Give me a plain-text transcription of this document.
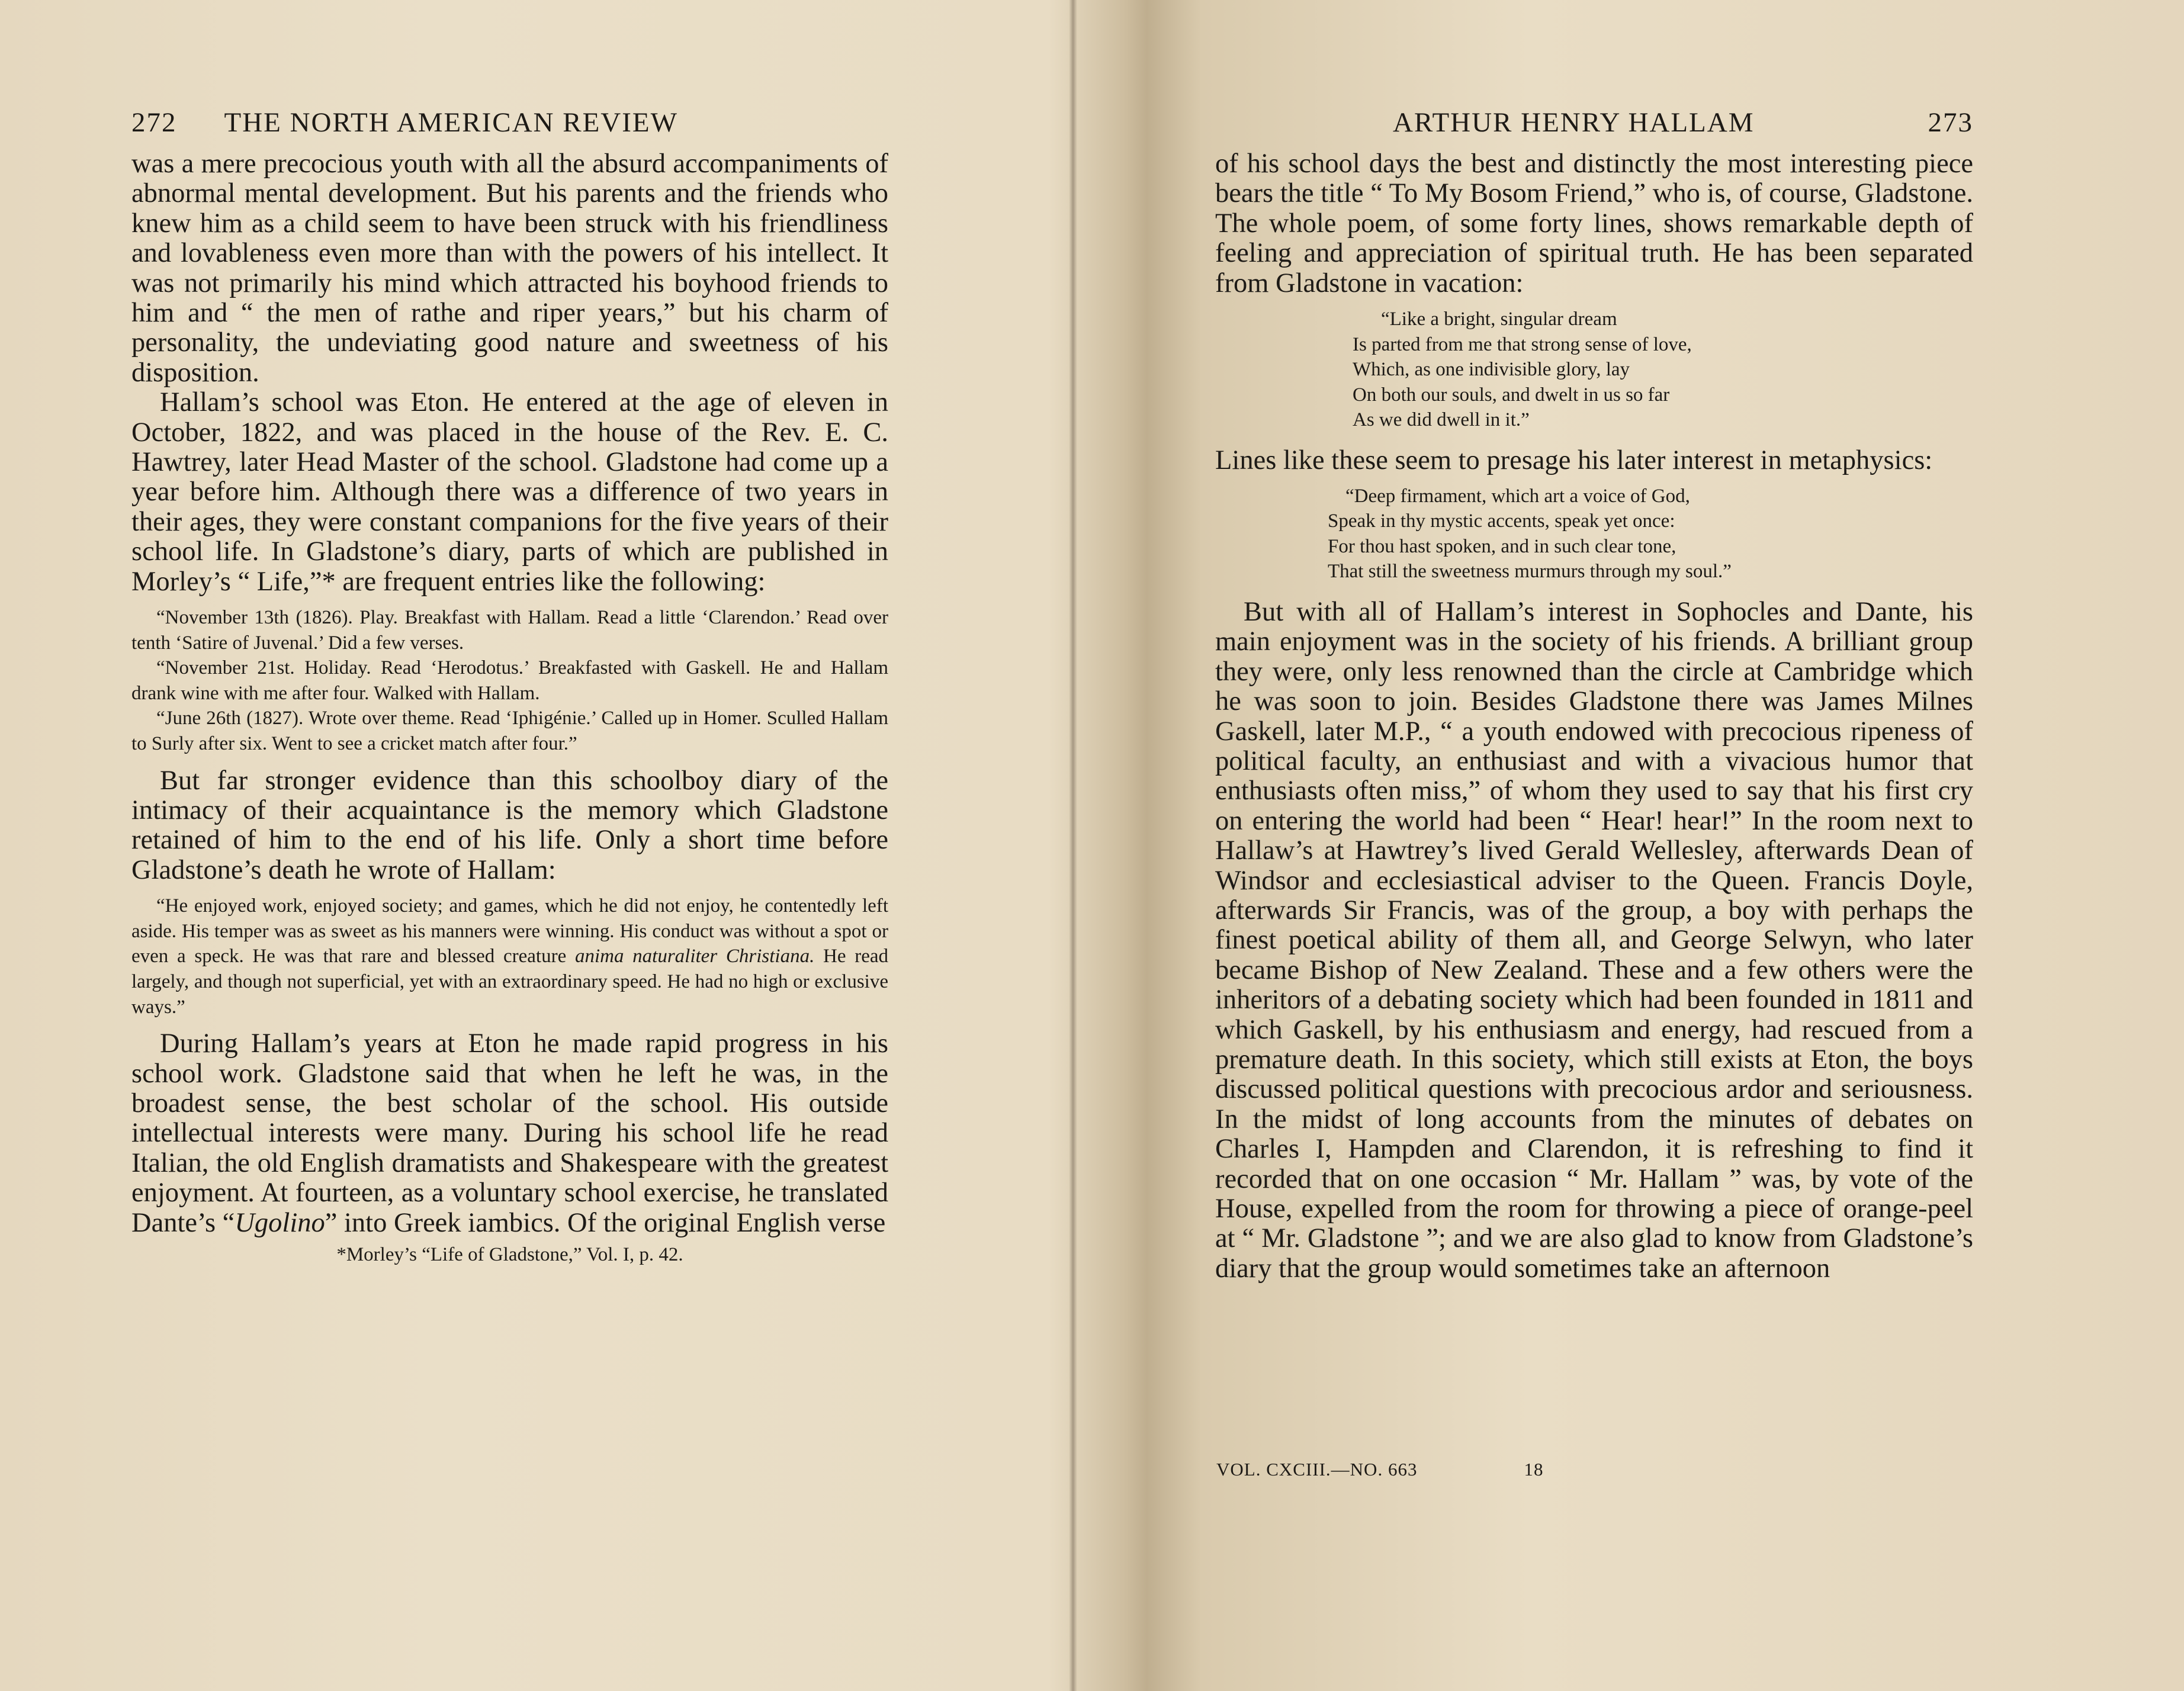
272 THE NORTH AMERICAN REVIEW

was a mere precocious youth with all the absurd accompaniments of abnormal mental development. But his parents and the friends who knew him as a child seem to have been struck with his friendliness and lovableness even more than with the powers of his intellect. It was not primarily his mind which attracted his boyhood friends to him and “ the men of rathe and riper years,” but his charm of personality, the undeviating good nature and sweetness of his disposition.

Hallam’s school was Eton. He entered at the age of eleven in October, 1822, and was placed in the house of the Rev. E. C. Hawtrey, later Head Master of the school. Gladstone had come up a year before him. Although there was a difference of two years in their ages, they were constant companions for the five years of their school life. In Gladstone’s diary, parts of which are published in Morley’s “ Life,”* are frequent entries like the following:

“November 13th (1826). Play. Breakfast with Hallam. Read a little ‘Clarendon.’ Read over tenth ‘Satire of Juvenal.’ Did a few verses.

“November 21st. Holiday. Read ‘Herodotus.’ Breakfasted with Gaskell. He and Hallam drank wine with me after four. Walked with Hallam.

“June 26th (1827). Wrote over theme. Read ‘Iphigénie.’ Called up in Homer. Sculled Hallam to Surly after six. Went to see a cricket match after four.”

But far stronger evidence than this schoolboy diary of the intimacy of their acquaintance is the memory which Gladstone retained of him to the end of his life. Only a short time before Gladstone’s death he wrote of Hallam:

“He enjoyed work, enjoyed society; and games, which he did not enjoy, he contentedly left aside. His temper was as sweet as his manners were winning. His conduct was without a spot or even a speck. He was that rare and blessed creature anima naturaliter Christiana. He read largely, and though not superficial, yet with an extraordinary speed. He had no high or exclusive ways.”

During Hallam’s years at Eton he made rapid progress in his school work. Gladstone said that when he left he was, in the broadest sense, the best scholar of the school. His outside intellectual interests were many. During his school life he read Italian, the old English dramatists and Shakespeare with the greatest enjoyment. At fourteen, as a voluntary school exercise, he translated Dante’s “Ugolino” into Greek iambics. Of the original English verse

*Morley’s “Life of Gladstone,” Vol. I, p. 42.
ARTHUR HENRY HALLAM	273

of his school days the best and distinctly the most interesting piece bears the title “ To My Bosom Friend,” who is, of course, Gladstone. The whole poem, of some forty lines, shows remarkable depth of feeling and appreciation of spiritual truth. He has been separated from Gladstone in vacation:

“Like a bright, singular dream
Is parted from me that strong sense of love,
Which, as one indivisible glory, lay
On both our souls, and dwelt in us so far
As we did dwell in it.”

Lines like these seem to presage his later interest in metaphysics:

“Deep firmament, which art a voice of God,
Speak in thy mystic accents, speak yet once:
For thou hast spoken, and in such clear tone,
That still the sweetness murmurs through my soul.”

But with all of Hallam’s interest in Sophocles and Dante, his main enjoyment was in the society of his friends. A brilliant group they were, only less renowned than the circle at Cambridge which he was soon to join. Besides Gladstone there was James Milnes Gaskell, later M.P., “ a youth endowed with precocious ripeness of political faculty, an enthusiast and with a vivacious humor that enthusiasts often miss,” of whom they used to say that his first cry on entering the world had been “ Hear! hear!” In the room next to Hallaw’s at Hawtrey’s lived Gerald Wellesley, afterwards Dean of Windsor and ecclesiastical adviser to the Queen. Francis Doyle, afterwards Sir Francis, was of the group, a boy with perhaps the finest poetical ability of them all, and George Selwyn, who later became Bishop of New Zealand. These and a few others were the inheritors of a debating society which had been founded in 1811 and which Gaskell, by his enthusiasm and energy, had rescued from a premature death. In this society, which still exists at Eton, the boys discussed political questions with precocious ardor and seriousness. In the midst of long accounts from the minutes of debates on Charles I, Hampden and Clarendon, it is refreshing to find it recorded that on one occasion “ Mr. Hallam ” was, by vote of the House, expelled from the room for throwing a piece of orange-peel at “ Mr. Gladstone ”; and we are also glad to know from Gladstone’s diary that the group would sometimes take an afternoon

VOL. CXCIII.—NO. 663	18
